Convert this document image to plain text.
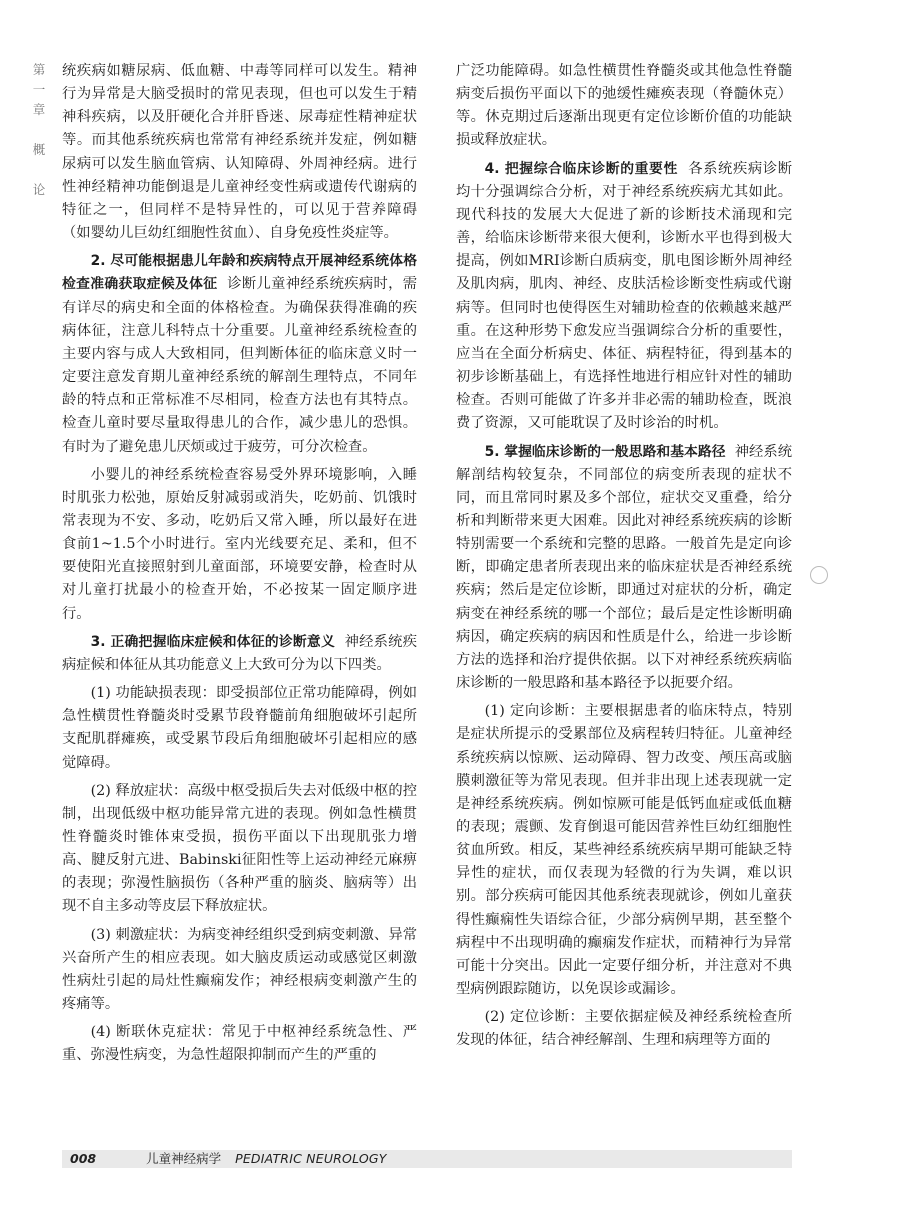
第
一
章

概

论

统疾病如糖尿病、低血糖、中毒等同样可以发生。精神行为异常是大脑受损时的常见表现，但也可以发生于精神科疾病，以及肝硬化合并肝昏迷、尿毒症性精神症状等。而其他系统疾病也常常有神经系统并发症，例如糖尿病可以发生脑血管病、认知障碍、外周神经病。进行性神经精神功能倒退是儿童神经变性病或遗传代谢病的特征之一，但同样不是特异性的，可以见于营养障碍（如婴幼儿巨幼红细胞性贫血）、自身免疫性炎症等。

2. 尽可能根据患儿年龄和疾病特点开展神经系统体格检查准确获取症候及体征 诊断儿童神经系统疾病时，需有详尽的病史和全面的体格检查。为确保获得准确的疾病体征，注意儿科特点十分重要。儿童神经系统检查的主要内容与成人大致相同，但判断体征的临床意义时一定要注意发育期儿童神经系统的解剖生理特点，不同年龄的特点和正常标准不尽相同，检查方法也有其特点。检查儿童时要尽量取得患儿的合作，减少患儿的恐惧。有时为了避免患儿厌烦或过于疲劳，可分次检查。

小婴儿的神经系统检查容易受外界环境影响，入睡时肌张力松弛，原始反射减弱或消失，吃奶前、饥饿时常表现为不安、多动，吃奶后又常入睡，所以最好在进食前1~1.5个小时进行。室内光线要充足、柔和，但不要使阳光直接照射到儿童面部，环境要安静，检查时从对儿童打扰最小的检查开始，不必按某一固定顺序进行。

3. 正确把握临床症候和体征的诊断意义 神经系统疾病症候和体征从其功能意义上大致可分为以下四类。

(1) 功能缺损表现：即受损部位正常功能障碍，例如急性横贯性脊髓炎时受累节段脊髓前角细胞破坏引起所支配肌群瘫痪，或受累节段后角细胞破坏引起相应的感觉障碍。

(2) 释放症状：高级中枢受损后失去对低级中枢的控制，出现低级中枢功能异常亢进的表现。例如急性横贯性脊髓炎时锥体束受损，损伤平面以下出现肌张力增高、腱反射亢进、Babinski征阳性等上运动神经元麻痹的表现；弥漫性脑损伤（各种严重的脑炎、脑病等）出现不自主多动等皮层下释放症状。

(3) 刺激症状：为病变神经组织受到病变刺激、异常兴奋所产生的相应表现。如大脑皮质运动或感觉区刺激性病灶引起的局灶性癫痫发作；神经根病变刺激产生的疼痛等。

(4) 断联休克症状：常见于中枢神经系统急性、严重、弥漫性病变，为急性超限抑制而产生的严重的

广泛功能障碍。如急性横贯性脊髓炎或其他急性脊髓病变后损伤平面以下的弛缓性瘫痪表现（脊髓休克）等。休克期过后逐渐出现更有定位诊断价值的功能缺损或释放症状。

4. 把握综合临床诊断的重要性 各系统疾病诊断均十分强调综合分析，对于神经系统疾病尤其如此。现代科技的发展大大促进了新的诊断技术涌现和完善，给临床诊断带来很大便利，诊断水平也得到极大提高，例如MRI诊断白质病变，肌电图诊断外周神经及肌肉病，肌肉、神经、皮肤活检诊断变性病或代谢病等。但同时也使得医生对辅助检查的依赖越来越严重。在这种形势下愈发应当强调综合分析的重要性，应当在全面分析病史、体征、病程特征，得到基本的初步诊断基础上，有选择性地进行相应针对性的辅助检查。否则可能做了许多并非必需的辅助检查，既浪费了资源，又可能耽误了及时诊治的时机。

5. 掌握临床诊断的一般思路和基本路径 神经系统解剖结构较复杂，不同部位的病变所表现的症状不同，而且常同时累及多个部位，症状交叉重叠，给分析和判断带来更大困难。因此对神经系统疾病的诊断特别需要一个系统和完整的思路。一般首先是定向诊断，即确定患者所表现出来的临床症状是否神经系统疾病；然后是定位诊断，即通过对症状的分析，确定病变在神经系统的哪一个部位；最后是定性诊断明确病因，确定疾病的病因和性质是什么，给进一步诊断方法的选择和治疗提供依据。以下对神经系统疾病临床诊断的一般思路和基本路径予以扼要介绍。

(1) 定向诊断：主要根据患者的临床特点，特别是症状所提示的受累部位及病程转归特征。儿童神经系统疾病以惊厥、运动障碍、智力改变、颅压高或脑膜刺激征等为常见表现。但并非出现上述表现就一定是神经系统疾病。例如惊厥可能是低钙血症或低血糖的表现；震颤、发育倒退可能因营养性巨幼红细胞性贫血所致。相反，某些神经系统疾病早期可能缺乏特异性的症状，而仅表现为轻微的行为失调，难以识别。部分疾病可能因其他系统表现就诊，例如儿童获得性癫痫性失语综合征，少部分病例早期，甚至整个病程中不出现明确的癫痫发作症状，而精神行为异常可能十分突出。因此一定要仔细分析，并注意对不典型病例跟踪随访，以免误诊或漏诊。

(2) 定位诊断：主要依据症候及神经系统检查所发现的体征，结合神经解剖、生理和病理等方面的

008	儿童神经病学 PEDIATRIC NEUROLOGY
